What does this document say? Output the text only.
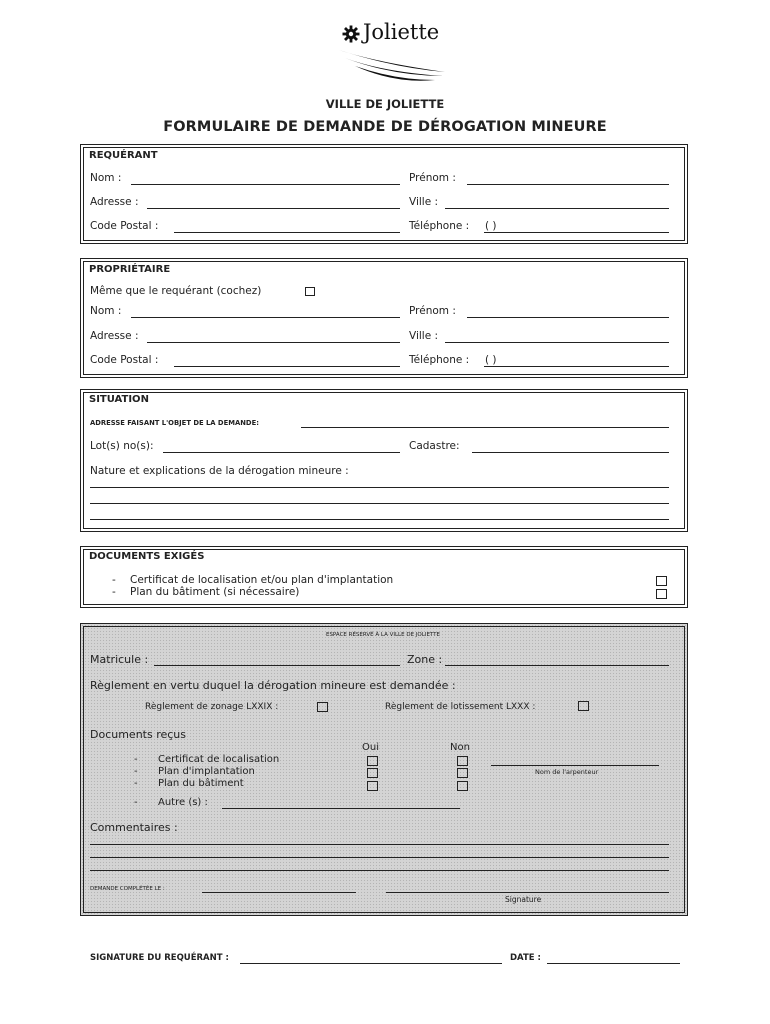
Joliette
VILLE DE JOLIETTE
FORMULAIRE DE DEMANDE DE DÉROGATION MINEURE
REQUÉRANT
Nom :	Prénom :
Adresse :	Ville :
Code Postal :	Téléphone : ( )
PROPRIÉTAIRE
Même que le requérant (cochez)
Nom :	Prénom :
Adresse :	Ville :
Code Postal :	Téléphone : ( )
SITUATION
ADRESSE FAISANT L'OBJET DE LA DEMANDE:
Lot(s) no(s):	Cadastre:
Nature et explications de la dérogation mineure :
DOCUMENTS EXIGÉS
- Certificat de localisation et/ou plan d'implantation
- Plan du bâtiment (si nécessaire)
ESPACE RÉSERVÉ À LA VILLE DE JOLIETTE
Matricule :	Zone :
Règlement en vertu duquel la dérogation mineure est demandée :
Règlement de zonage LXXIX :	Règlement de lotissement LXXX :
Documents reçus
Oui	Non
- Certificat de localisation
- Plan d'implantation
- Plan du bâtiment
Nom de l'arpenteur
- Autre (s) :
Commentaires :
DEMANDE COMPLÉTÉE LE :
Signature
SIGNATURE DU REQUÉRANT :	DATE :
